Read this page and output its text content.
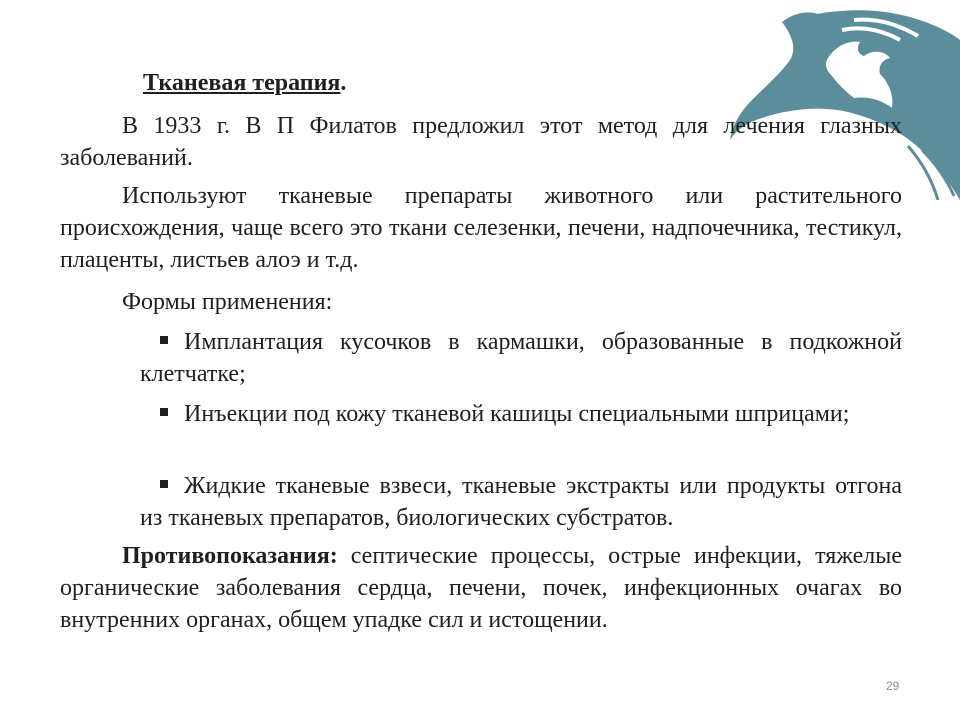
Тканевая терапия.
В 1933 г. В П Филатов предложил этот метод для лечения глазных заболеваний.
Используют тканевые препараты животного или растительного происхождения, чаще всего это ткани селезенки, печени, надпочечника, тестикул, плаценты, листьев алоэ и т.д.
Формы применения:
Имплантация кусочков в кармашки, образованные в подкожной клетчатке;
Инъекции под кожу тканевой кашицы специальными шприцами;
Жидкие тканевые взвеси, тканевые экстракты или продукты отгона из тканевых препаратов, биологических субстратов.
Противопоказания: септические процессы, острые инфекции, тяжелые органические заболевания сердца, печени, почек, инфекционных очагах во внутренних органах, общем упадке сил и истощении.
29
